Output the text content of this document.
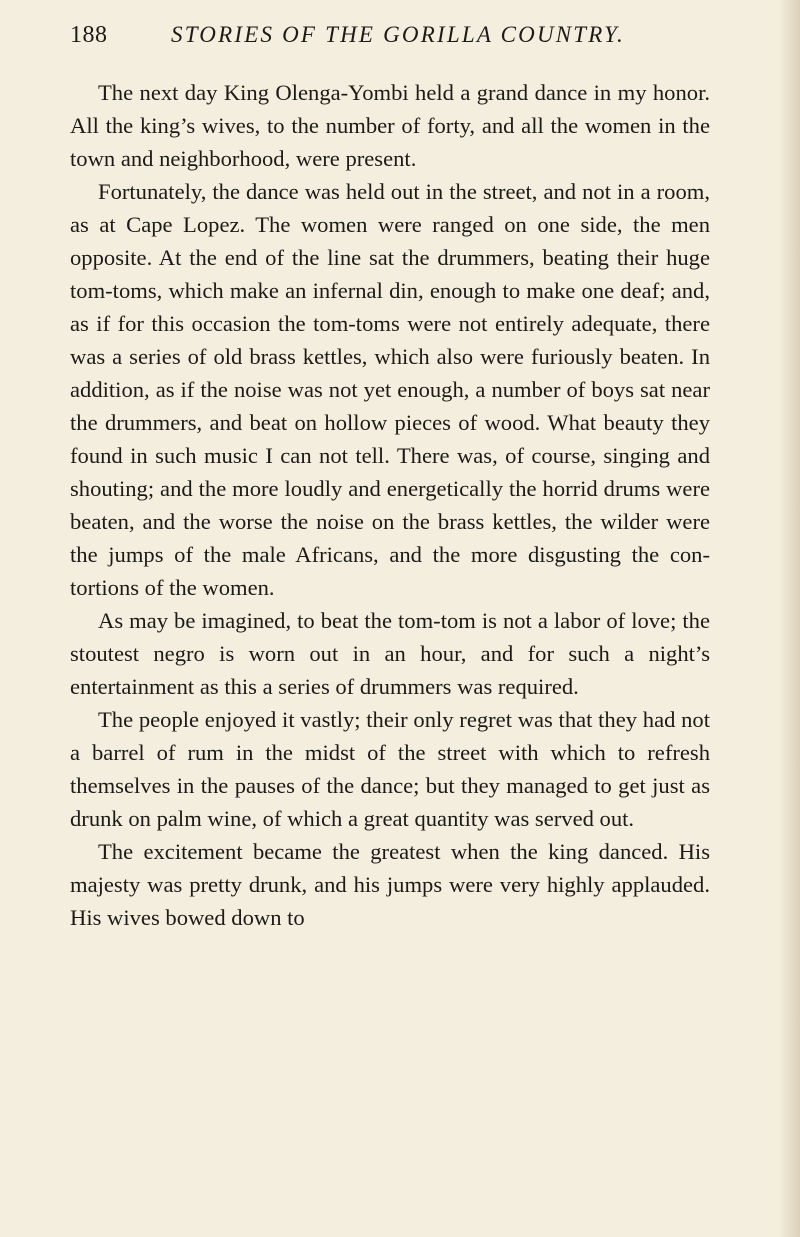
188	STORIES OF THE GORILLA COUNTRY.

The next day King Olenga-Yombi held a grand dance in my honor. All the king’s wives, to the number of forty, and all the women in the town and neighborhood, were present.

Fortunately, the dance was held out in the street, and not in a room, as at Cape Lopez. The women were ranged on one side, the men opposite. At the end of the line sat the drummers, beating their huge tom-toms, which make an infernal din, enough to make one deaf; and, as if for this occasion the tom-toms were not entirely adequate, there was a series of old brass kettles, which also were furiously beaten. In addition, as if the noise was not yet enough, a number of boys sat near the drummers, and beat on hollow pieces of wood. What beauty they found in such music I can not tell. There was, of course, singing and shouting; and the more loudly and energetically the horrid drums were beaten, and the worse the noise on the brass kettles, the wilder were the jumps of the male Africans, and the more disgusting the contortions of the women.

As may be imagined, to beat the tom-tom is not a labor of love; the stoutest negro is worn out in an hour, and for such a night’s entertainment as this a series of drummers was required.

The people enjoyed it vastly; their only regret was that they had not a barrel of rum in the midst of the street with which to refresh themselves in the pauses of the dance; but they managed to get just as drunk on palm wine, of which a great quantity was served out.

The excitement became the greatest when the king danced. His majesty was pretty drunk, and his jumps were very highly applauded. His wives bowed down to
